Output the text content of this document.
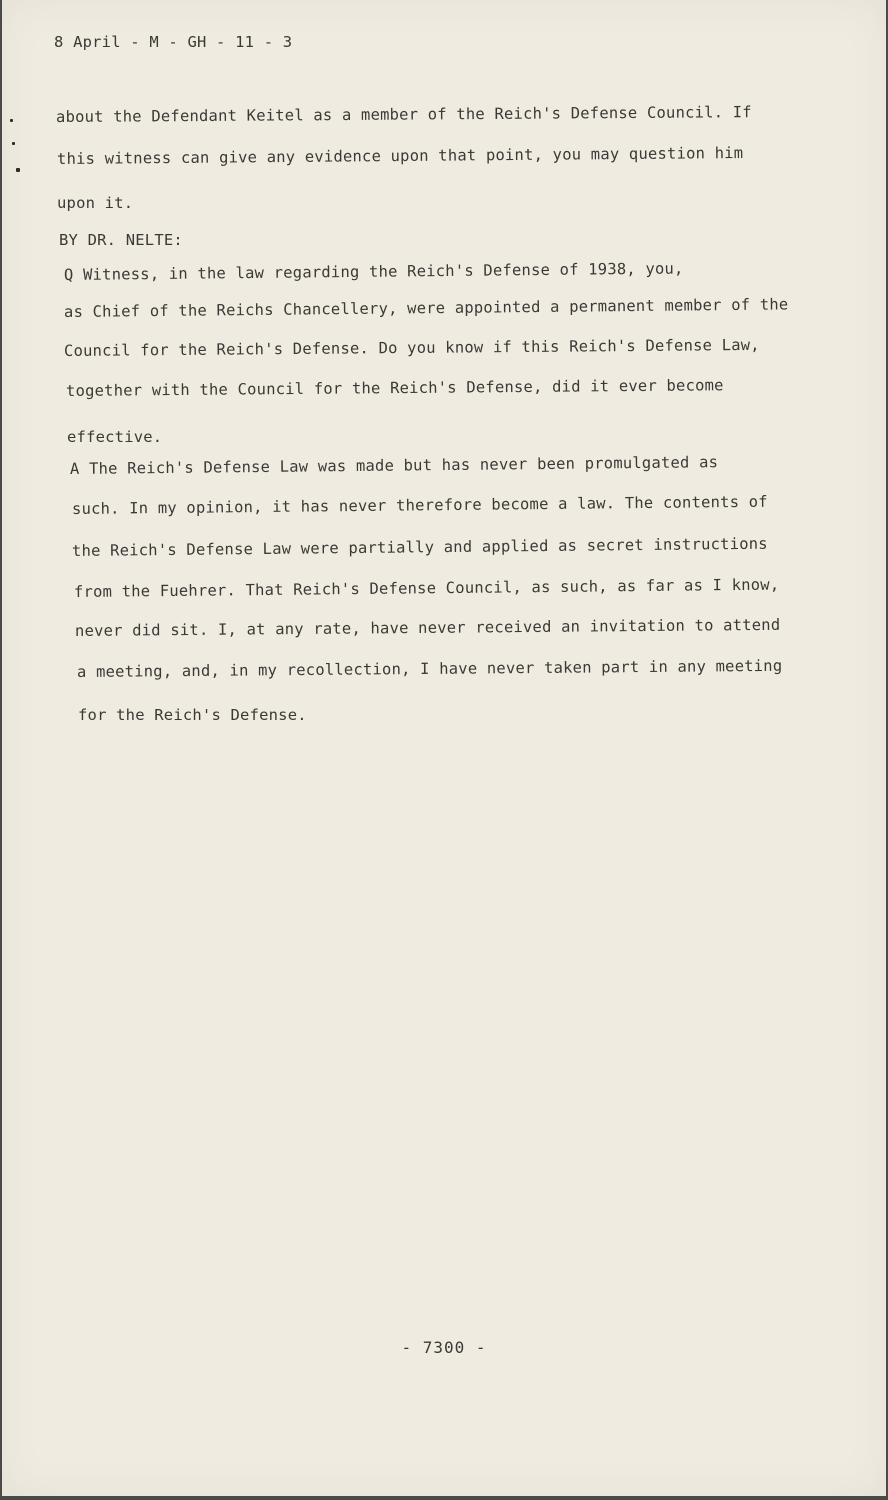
8 April - M - GH - 11 - 3
about the Defendant Keitel as a member of the Reich's Defense Council. If
this witness can give any evidence upon that point, you may question him
upon it.
BY DR. NELTE:
Q Witness, in the law regarding the Reich's Defense of 1938, you,
as Chief of the Reichs Chancellery, were appointed a permanent member of the
Council for the Reich's Defense. Do you know if this Reich's Defense Law,
together with the Council for the Reich's Defense, did it ever become
effective.
A The Reich's Defense Law was made but has never been promulgated as
such. In my opinion, it has never therefore become a law. The contents of
the Reich's Defense Law were partially and applied as secret instructions
from the Fuehrer. That Reich's Defense Council, as such, as far as I know,
never did sit. I, at any rate, have never received an invitation to attend
a meeting, and, in my recollection, I have never taken part in any meeting
for the Reich's Defense.
- 7300 -
